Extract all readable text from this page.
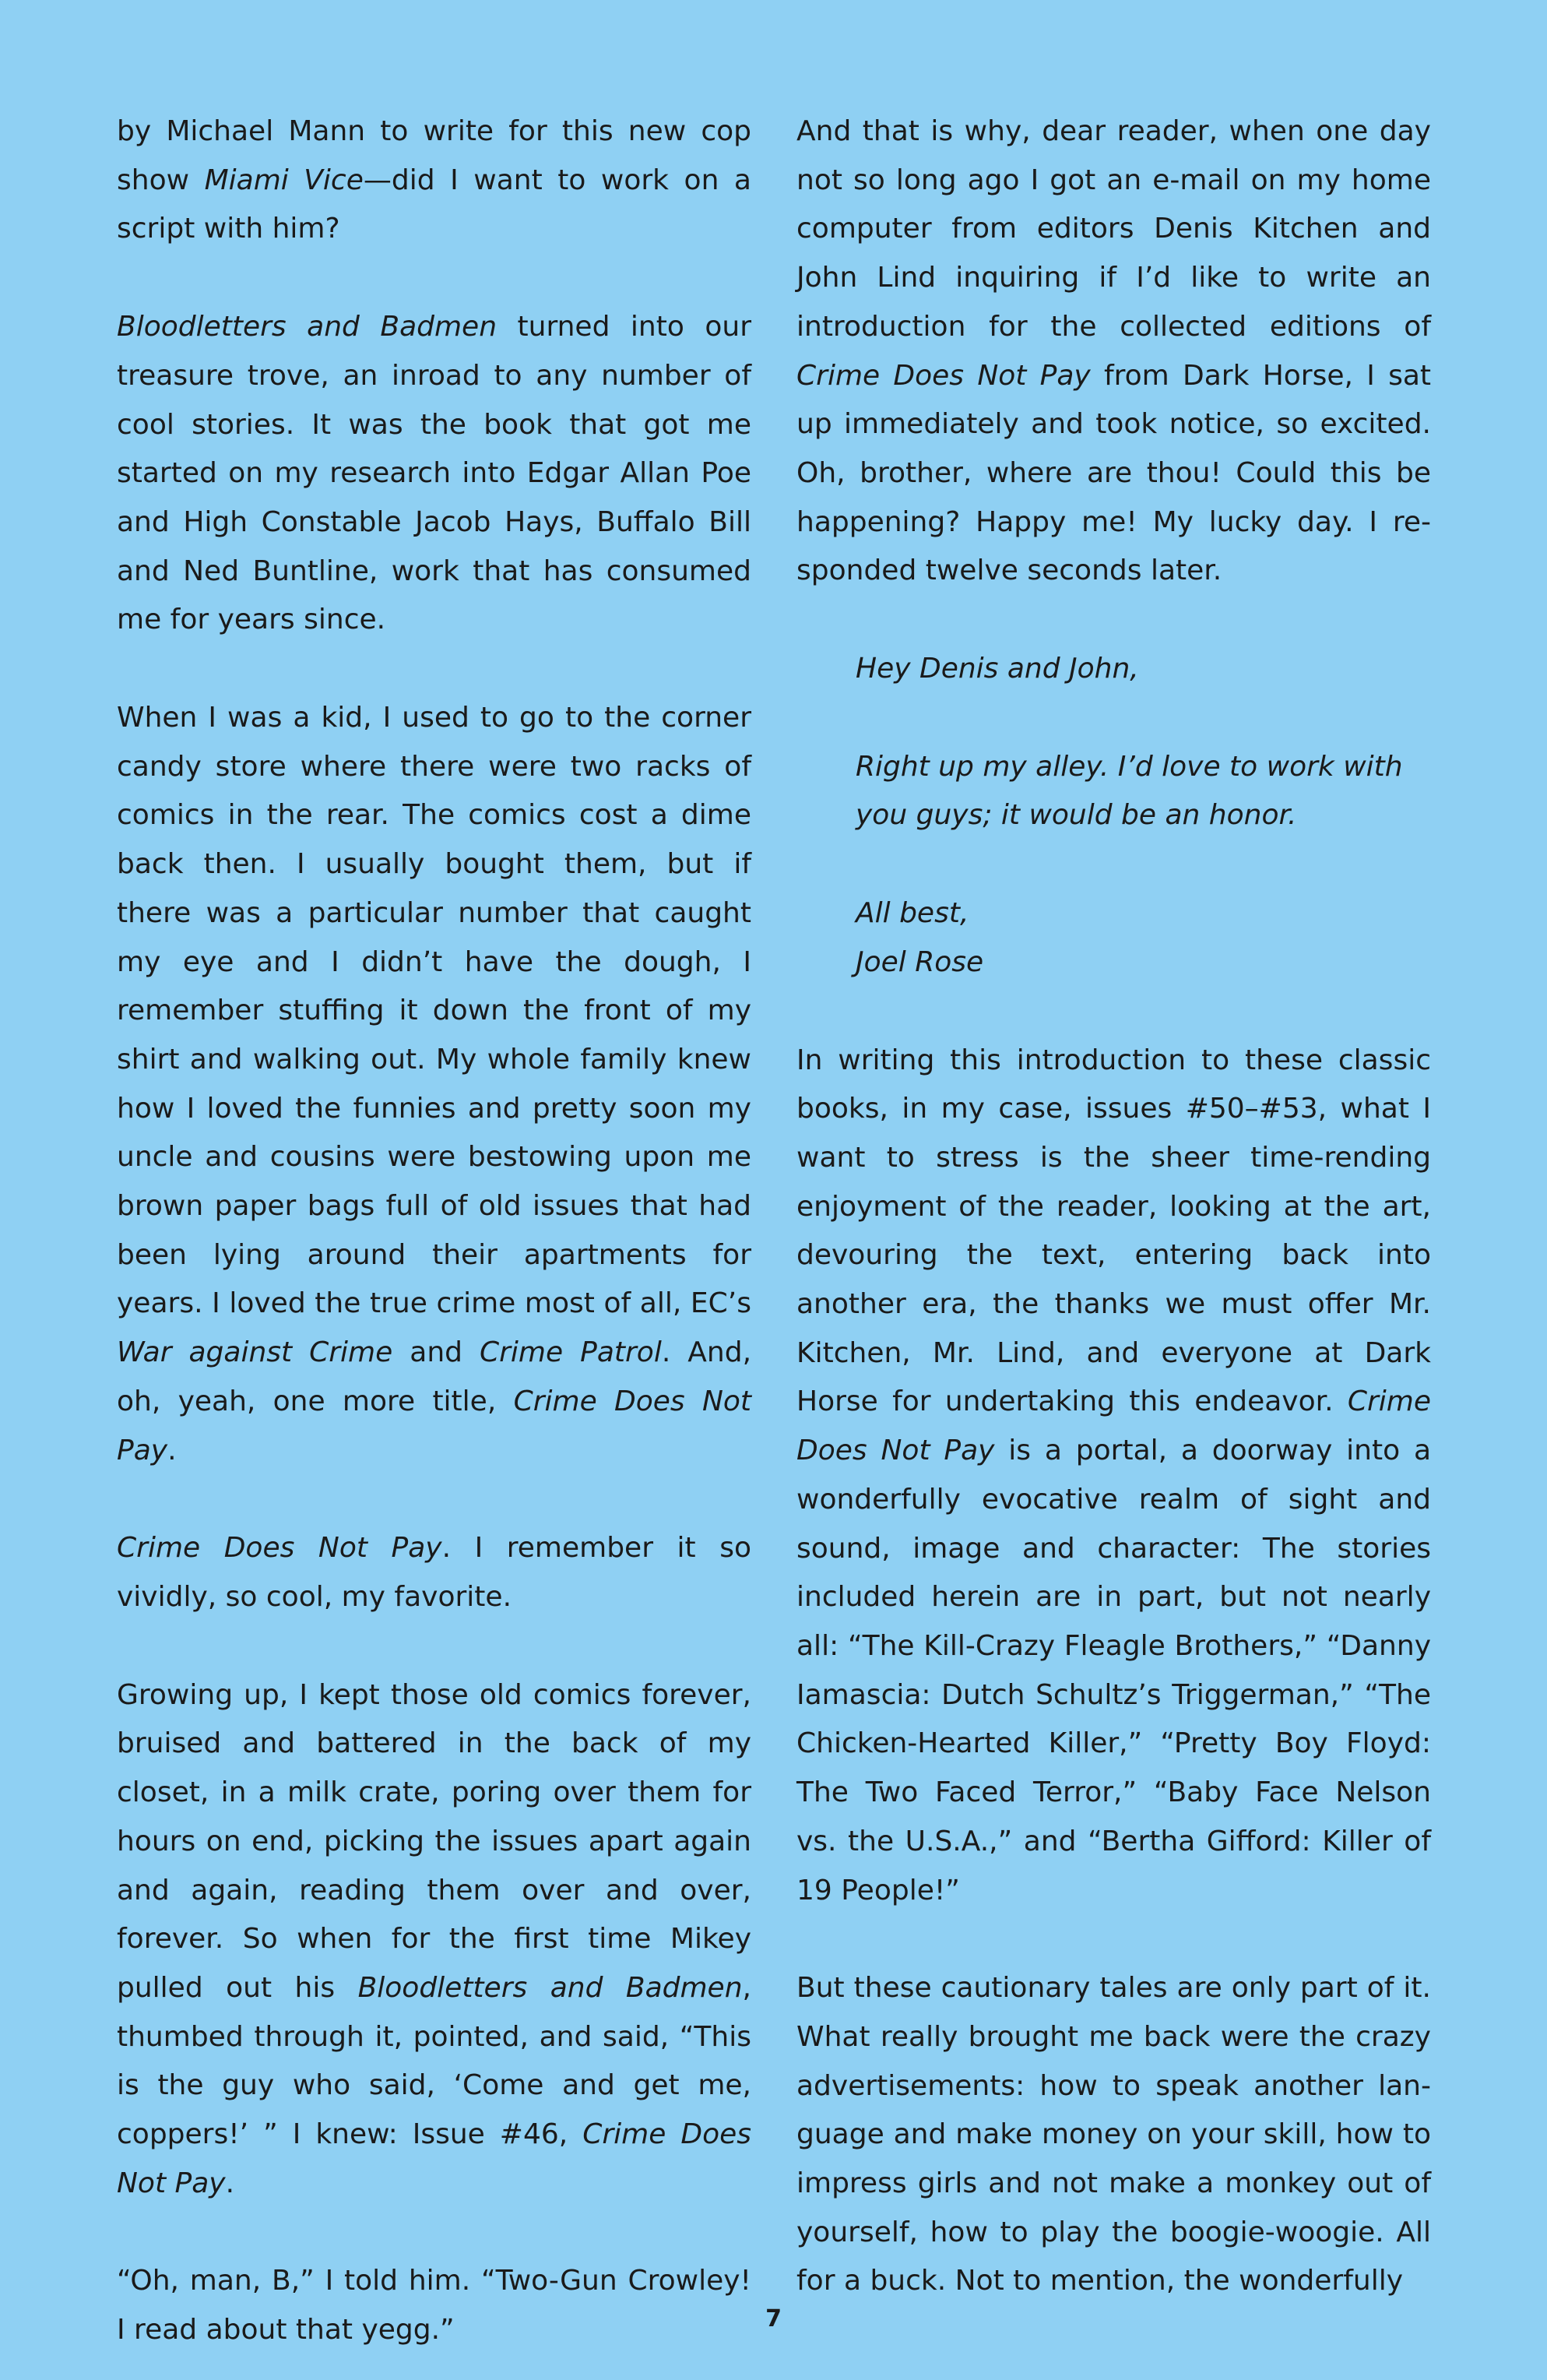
by Michael Mann to write for this new cop show Miami Vice—did I want to work on a script with him?

Bloodletters and Badmen turned into our treasure trove, an inroad to any number of cool stories. It was the book that got me started on my research into Edgar Allan Poe and High Constable Jacob Hays, Buffalo Bill and Ned Buntline, work that has consumed me for years since.

When I was a kid, I used to go to the corner candy store where there were two racks of comics in the rear. The comics cost a dime back then. I usually bought them, but if there was a particular number that caught my eye and I didn’t have the dough, I remember stuffing it down the front of my shirt and walking out. My whole family knew how I loved the funnies and pretty soon my uncle and cousins were bestowing upon me brown paper bags full of old issues that had been lying around their apartments for years. I loved the true crime most of all, EC’s War against Crime and Crime Patrol. And, oh, yeah, one more title, Crime Does Not Pay.

Crime Does Not Pay. I remember it so vividly, so cool, my favorite.

Growing up, I kept those old comics forever, bruised and battered in the back of my closet, in a milk crate, poring over them for hours on end, picking the issues apart again and again, reading them over and over, forever. So when for the first time Mikey pulled out his Bloodletters and Badmen, thumbed through it, pointed, and said, “This is the guy who said, ‘Come and get me, coppers!’ ” I knew: Issue #46, Crime Does Not Pay.

“Oh, man, B,” I told him. “Two-Gun Crowley! I read about that yegg.”

And that is why, dear reader, when one day not so long ago I got an e-mail on my home computer from editors Denis Kitchen and John Lind inquiring if I’d like to write an introduction for the collected editions of Crime Does Not Pay from Dark Horse, I sat up immediately and took notice, so excited. Oh, brother, where are thou! Could this be happening? Happy me! My lucky day. I re-sponded twelve seconds later.

Hey Denis and John,

Right up my alley. I’d love to work with you guys; it would be an honor.

All best,

Joel Rose

In writing this introduction to these classic books, in my case, issues #50–#53, what I want to stress is the sheer time-rending enjoyment of the reader, looking at the art, devouring the text, entering back into another era, the thanks we must offer Mr. Kitchen, Mr. Lind, and everyone at Dark Horse for undertaking this endeavor. Crime Does Not Pay is a portal, a doorway into a wonderfully evocative realm of sight and sound, image and character: The stories included herein are in part, but not nearly all: “The Kill-Crazy Fleagle Brothers,” “Danny Iamascia: Dutch Schultz’s Triggerman,” “The Chicken-Hearted Killer,” “Pretty Boy Floyd: The Two Faced Terror,” “Baby Face Nelson vs. the U.S.A.,” and “Bertha Gifford: Killer of 19 People!”

But these cautionary tales are only part of it. What really brought me back were the crazy advertisements: how to speak another lan-guage and make money on your skill, how to impress girls and not make a monkey out of yourself, how to play the boogie-woogie. All for a buck. Not to mention, the wonderfully

7
